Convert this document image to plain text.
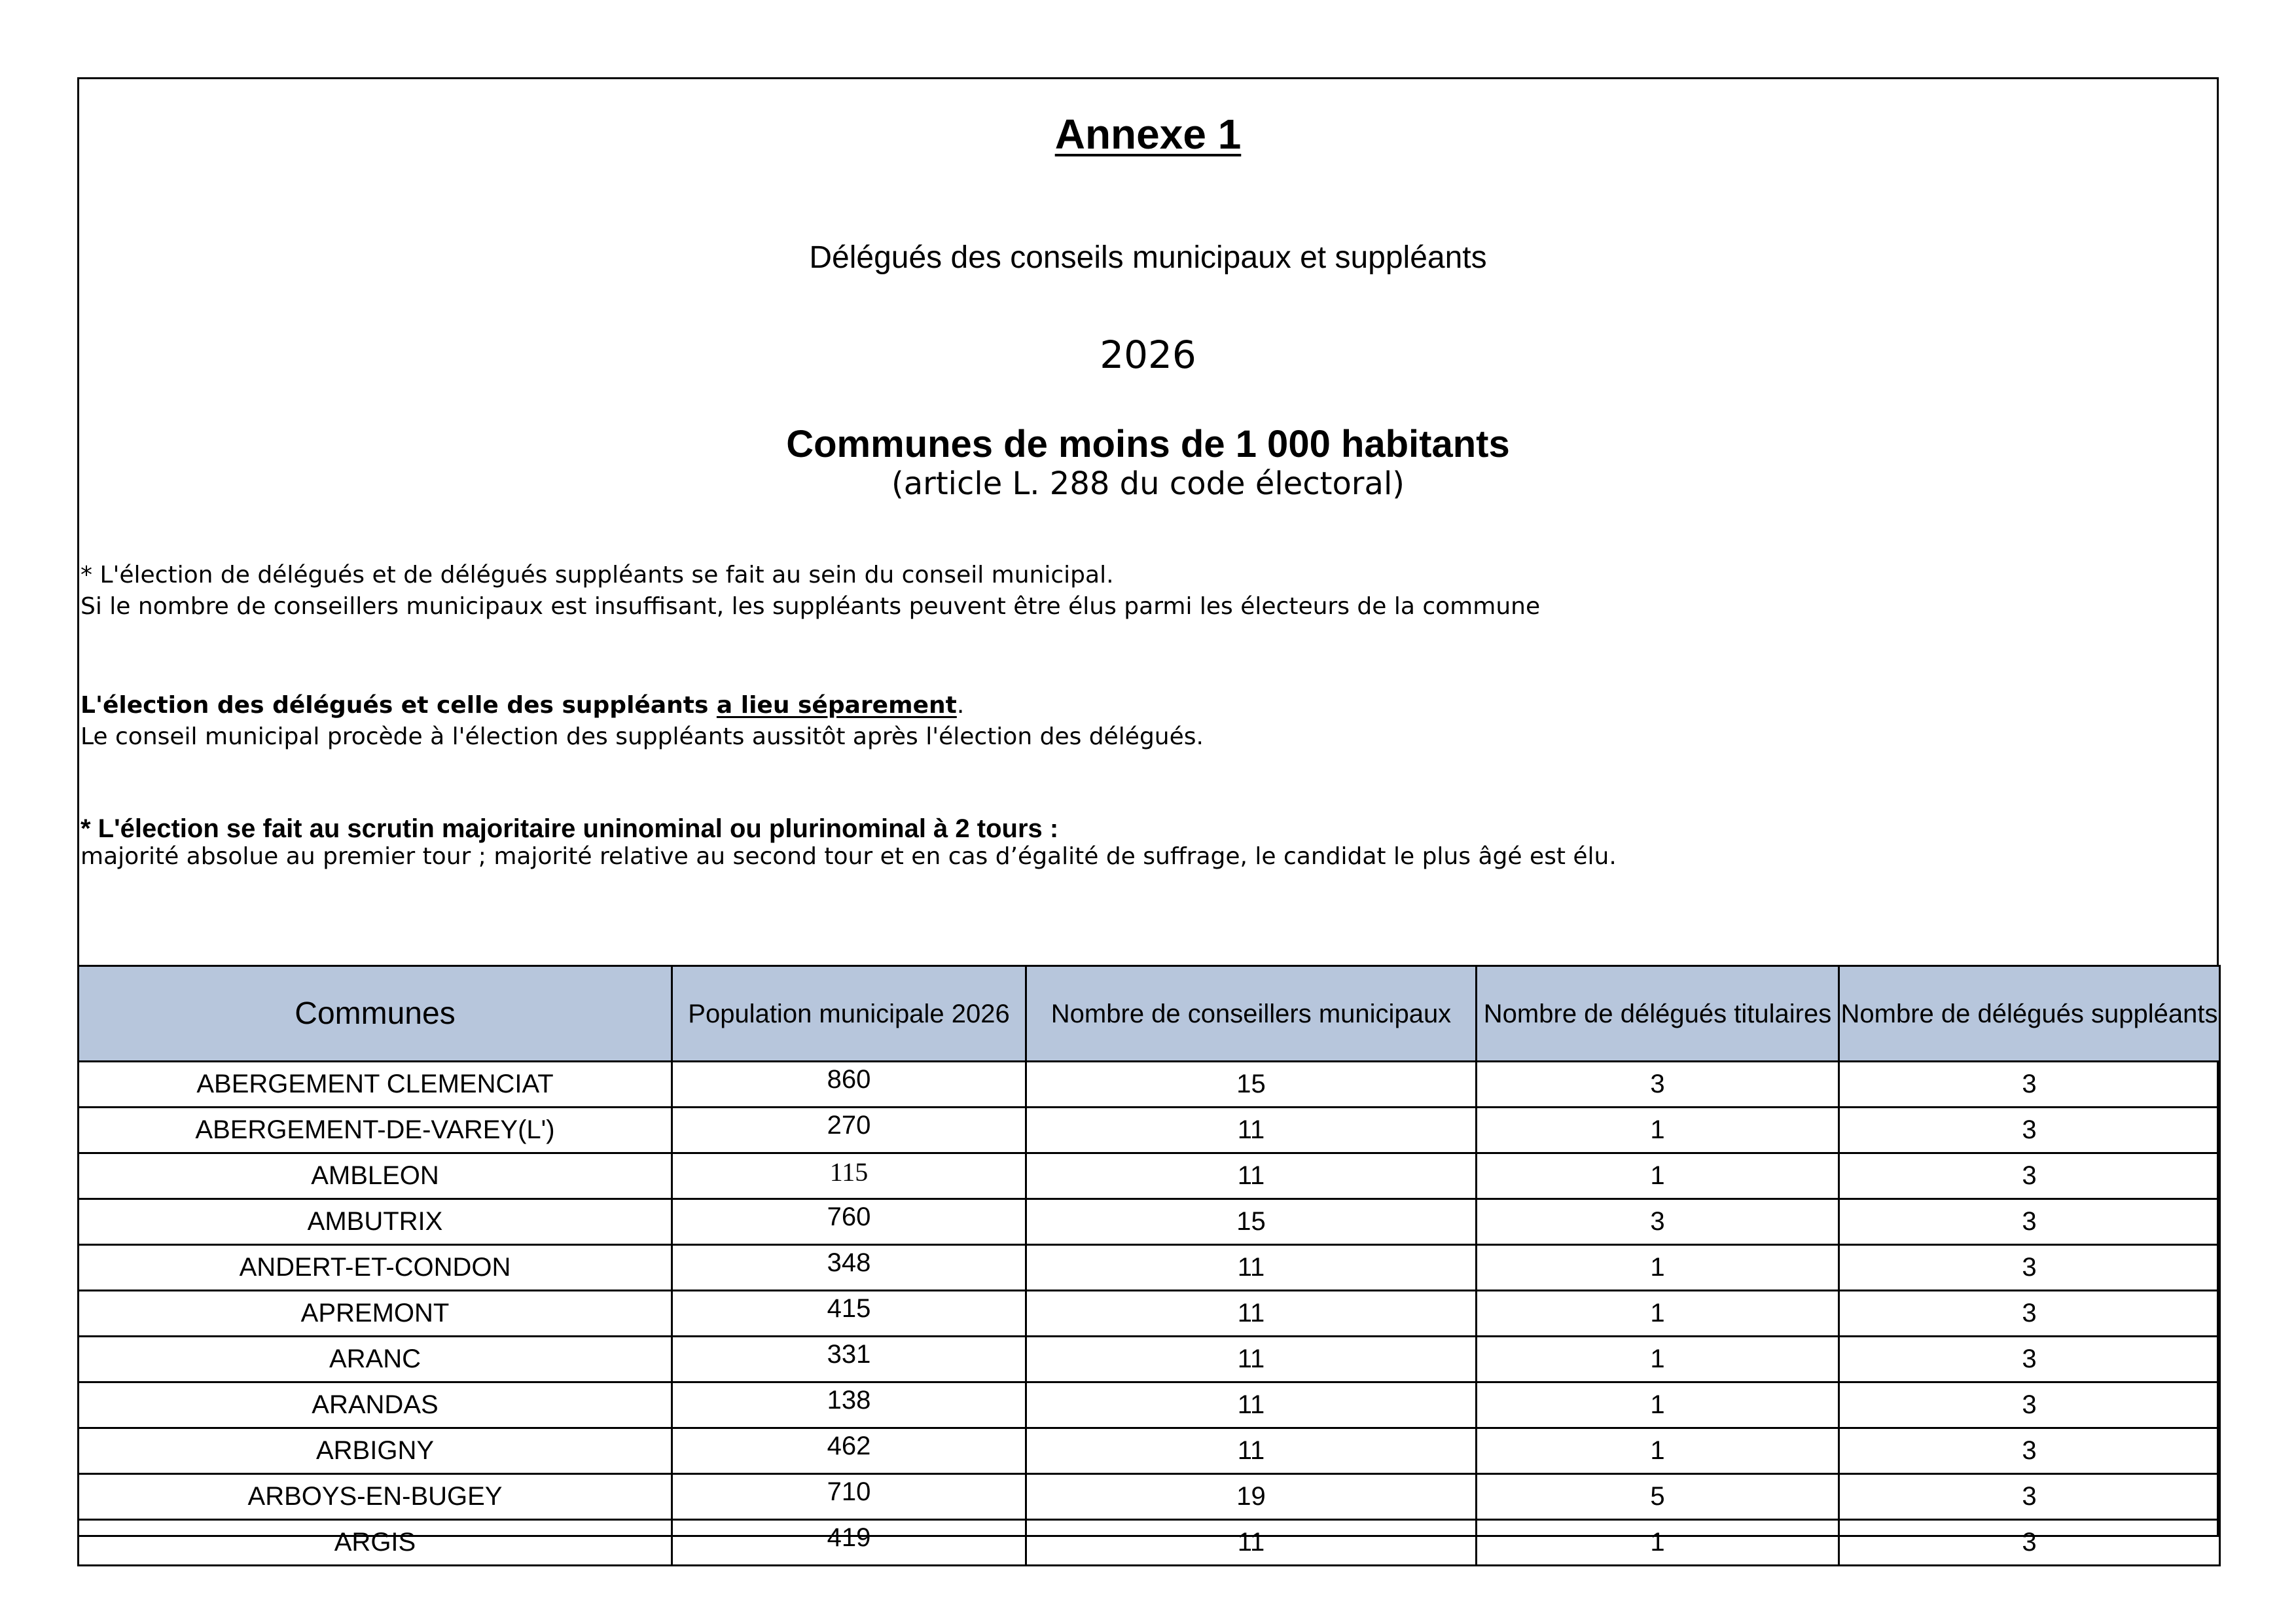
Annexe 1
Délégués des conseils municipaux et suppléants
2026
Communes de moins de 1 000 habitants
(article L. 288 du code électoral)
* L'élection de délégués et de délégués suppléants se fait au sein du conseil municipal.
Si le nombre de conseillers municipaux est insuffisant, les suppléants peuvent être élus parmi les électeurs de la commune
L'élection des délégués et celle des suppléants a lieu séparement.
Le conseil municipal procède à l'élection des suppléants aussitôt après l'élection des délégués.
* L'élection se fait au scrutin majoritaire uninominal ou plurinominal à 2 tours :
majorité absolue au premier tour ; majorité relative au second tour et en cas d’égalité de suffrage, le candidat le plus âgé est élu.
Communes	Population municipale 2026	Nombre de conseillers municipaux	Nombre de délégués titulaires	Nombre de délégués suppléants
ABERGEMENT CLEMENCIAT	860	15	3	3
ABERGEMENT-DE-VAREY(L')	270	11	1	3
AMBLEON	115	11	1	3
AMBUTRIX	760	15	3	3
ANDERT-ET-CONDON	348	11	1	3
APREMONT	415	11	1	3
ARANC	331	11	1	3
ARANDAS	138	11	1	3
ARBIGNY	462	11	1	3
ARBOYS-EN-BUGEY	710	19	5	3
ARGIS	419	11	1	3
